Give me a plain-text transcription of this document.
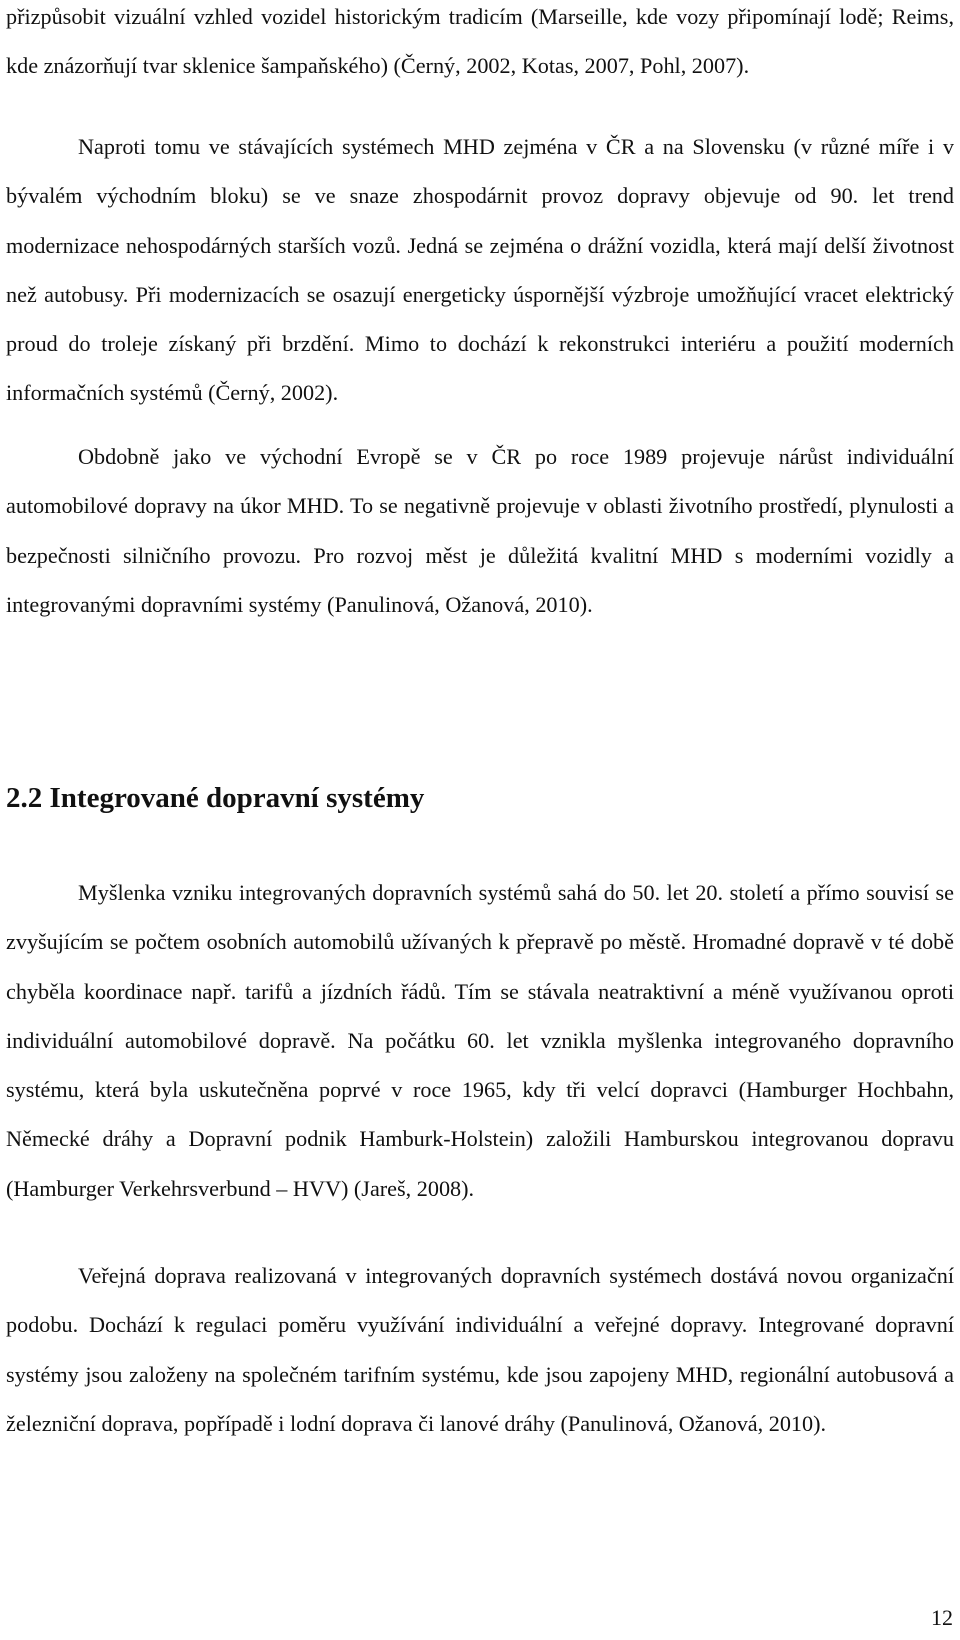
přizpůsobit vizuální vzhled vozidel historickým tradicím (Marseille, kde vozy připomínají lodě; Reims, kde znázorňují tvar sklenice šampaňského) (Černý, 2002, Kotas, 2007, Pohl, 2007).

Naproti tomu ve stávajících systémech MHD zejména v ČR a na Slovensku (v různé míře i v bývalém východním bloku) se ve snaze zhospodárnit provoz dopravy objevuje od 90. let trend modernizace nehospodárných starších vozů. Jedná se zejména o drážní vozidla, která mají delší životnost než autobusy. Při modernizacích se osazují energeticky úspornější výzbroje umožňující vracet elektrický proud do troleje získaný při brzdění. Mimo to dochází k rekonstrukci interiéru a použití moderních informačních systémů (Černý, 2002).

Obdobně jako ve východní Evropě se v ČR po roce 1989 projevuje nárůst individuální automobilové dopravy na úkor MHD. To se negativně projevuje v oblasti životního prostředí, plynulosti a bezpečnosti silničního provozu. Pro rozvoj měst je důležitá kvalitní MHD s moderními vozidly a integrovanými dopravními systémy (Panulinová, Ožanová, 2010).

2.2 Integrované dopravní systémy

Myšlenka vzniku integrovaných dopravních systémů sahá do 50. let 20. století a přímo souvisí se zvyšujícím se počtem osobních automobilů užívaných k přepravě po městě. Hromadné dopravě v té době chyběla koordinace např. tarifů a jízdních řádů. Tím se stávala neatraktivní a méně využívanou oproti individuální automobilové dopravě. Na počátku 60. let vznikla myšlenka integrovaného dopravního systému, která byla uskutečněna poprvé v roce 1965, kdy tři velcí dopravci (Hamburger Hochbahn, Německé dráhy a Dopravní podnik Hamburk-Holstein) založili Hamburskou integrovanou dopravu (Hamburger Verkehrsverbund – HVV) (Jareš, 2008).

Veřejná doprava realizovaná v integrovaných dopravních systémech dostává novou organizační podobu. Dochází k regulaci poměru využívání individuální a veřejné dopravy. Integrované dopravní systémy jsou založeny na společném tarifním systému, kde jsou zapojeny MHD, regionální autobusová a železniční doprava, popřípadě i lodní doprava či lanové dráhy (Panulinová, Ožanová, 2010).

12
